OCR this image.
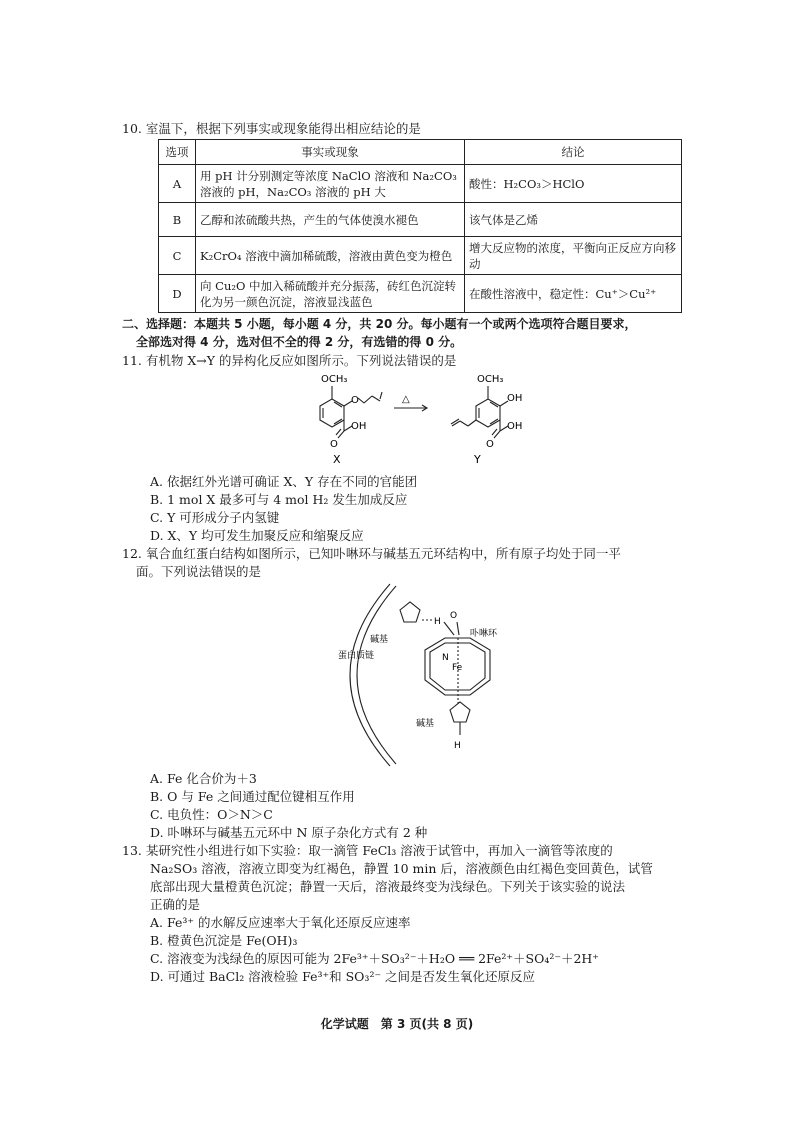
10. 室温下，根据下列事实或现象能得出相应结论的是
选项	事实或现象	结论
A	用 pH 计分别测定等浓度 NaClO 溶液和 Na₂CO₃ 溶液的 pH，Na₂CO₃ 溶液的 pH 大	酸性：H₂CO₃＞HClO
B	乙醇和浓硫酸共热，产生的气体使溴水褪色	该气体是乙烯
C	K₂CrO₄ 溶液中滴加稀硫酸，溶液由黄色变为橙色	增大反应物的浓度，平衡向正反应方向移动
D	向 Cu₂O 中加入稀硫酸并充分振荡，砖红色沉淀转化为另一颜色沉淀，溶液显浅蓝色	在酸性溶液中，稳定性：Cu⁺＞Cu²⁺
二、选择题：本题共 5 小题，每小题 4 分，共 20 分。每小题有一个或两个选项符合题目要求，
全部选对得 4 分，选对但不全的得 2 分，有选错的得 0 分。
11. 有机物 X→Y 的异构化反应如图所示。下列说法错误的是
OCH₃
O
OH
O
△
OCH₃
OH
OH
O
X	Y
A. 依据红外光谱可确证 X、Y 存在不同的官能团
B. 1 mol X 最多可与 4 mol H₂ 发生加成反应
C. Y 可形成分子内氢键
D. X、Y 均可发生加聚反应和缩聚反应
12. 氧合血红蛋白结构如图所示，已知卟啉环与碱基五元环结构中，所有原子均处于同一平
面。下列说法错误的是
蛋白质链
碱基
卟啉环
Fe
N
H
O
碱基
H
A. Fe 化合价为＋3
B. O 与 Fe 之间通过配位键相互作用
C. 电负性：O＞N＞C
D. 卟啉环与碱基五元环中 N 原子杂化方式有 2 种
13. 某研究性小组进行如下实验：取一滴管 FeCl₃ 溶液于试管中，再加入一滴管等浓度的
Na₂SO₃ 溶液，溶液立即变为红褐色，静置 10 min 后，溶液颜色由红褐色变回黄色，试管
底部出现大量橙黄色沉淀；静置一天后，溶液最终变为浅绿色。下列关于该实验的说法
正确的是
A. Fe³⁺ 的水解反应速率大于氧化还原反应速率
B. 橙黄色沉淀是 Fe(OH)₃
C. 溶液变为浅绿色的原因可能为 2Fe³⁺＋SO₃²⁻＋H₂O ══ 2Fe²⁺＋SO₄²⁻＋2H⁺
D. 可通过 BaCl₂ 溶液检验 Fe³⁺和 SO₃²⁻ 之间是否发生氧化还原反应
化学试题　第 3 页(共 8 页)
